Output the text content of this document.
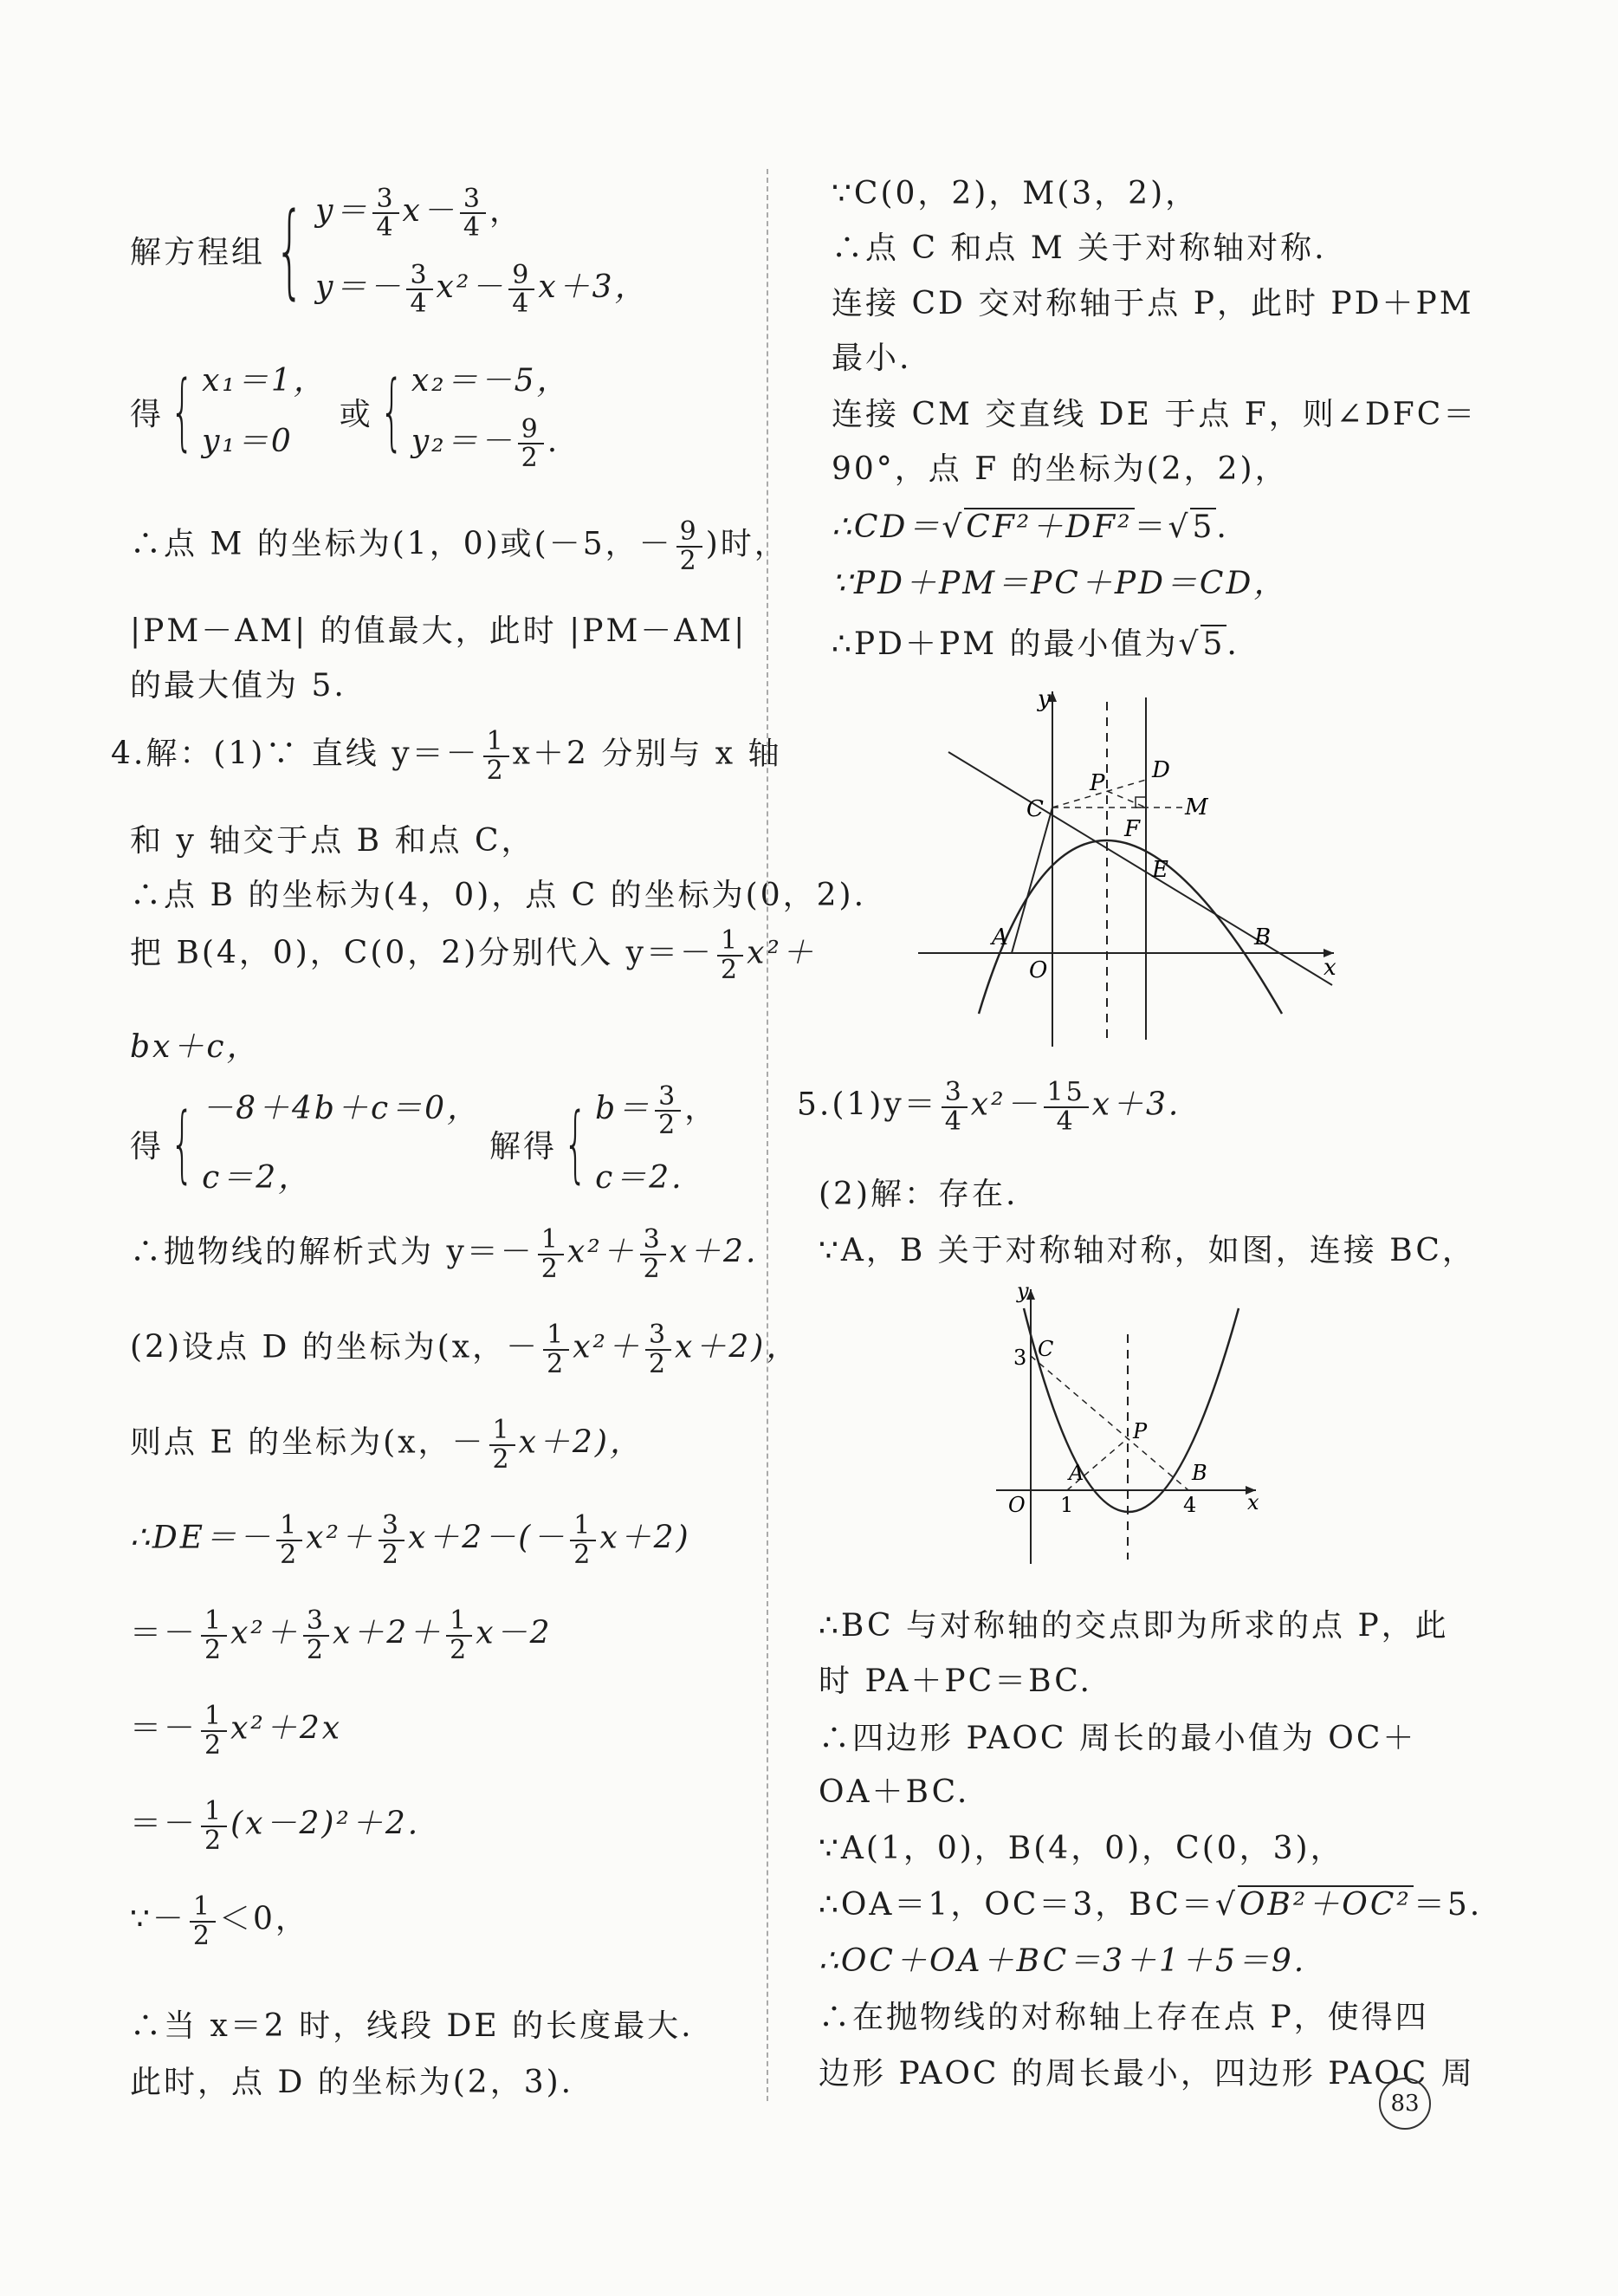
解方程组{ $y= \frac{3}{4} x- \frac{3}{4}$ ，
$y=- \frac{3}{4} x^2- \frac{9}{4} x+3$，
得{ x₁＝1，
y₁＝0
或{ x₂＝－5，
$y_2=- \frac{9}{2}$ .
∴点 M 的坐标为(1，0)或(－5，－ $\frac{9}{2}$ )时，
|PM－AM| 的值最大，此时 |PM－AM|
的最大值为 5.
4.解：(1)∵ 直线 $y=- \frac{1}{2} x+2$ 分别与 x 轴
和 y 轴交于点 B 和点 C，
∴点 B 的坐标为(4，0)，点 C 的坐标为(0，2).
把 B(4，0)，C(0，2)分别代入 $y=- \frac{1}{2} x^2+$
bx＋c，
得{ －8＋4b＋c＝0，
c＝2，
解得{ $b= \frac{3}{2}$ ，
c＝2.
∴抛物线的解析式为 $y=- \frac{1}{2} x^2+ \frac{3}{2} x+2$.
(2)设点 D 的坐标为(x，－ $\frac{1}{2} x^2+ \frac{3}{2} x+2$)，
则点 E 的坐标为(x，－ $\frac{1}{2} x+2$)，
∴DE＝－ $\frac{1}{2} x^2+ \frac{3}{2} x+2-(- \frac{1}{2} x+2)$
＝－ $\frac{1}{2} x^2+ \frac{3}{2} x+2+ \frac{1}{2} x-2$
＝－ $\frac{1}{2} x^2+2x$
＝－ $\frac{1}{2} (x-2)^2+2$.
∵－ $\frac{1}{2} <0$，
∴当 x＝2 时，线段 DE 的长度最大.
此时，点 D 的坐标为(2，3).
∵C(0，2)，M(3，2)，
∴点 C 和点 M 关于对称轴对称.
连接 CD 交对称轴于点 P，此时 PD＋PM
最小.
连接 CM 交直线 DE 于点 F，则∠DFC＝
90°，点 F 的坐标为(2，2)，
∴CD＝√CF²＋DF²＝√5.
∵PD＋PM＝PC＋PD＝CD，
∴PD＋PM 的最小值为√5.
y
x
O
A	B
C
D
E
F
M
P
$5.(1)y= \frac{3}{4} x^2- \frac{15}{4} x+3$.
(2)解：存在.
∵A，B 关于对称轴对称，如图，连接 BC，
y
x
O 1	4
3 C
A	B
P
∴BC 与对称轴的交点即为所求的点 P，此
时 PA＋PC＝BC.
∴四边形 PAOC 周长的最小值为 OC＋
OA＋BC.
∵A(1，0)，B(4，0)，C(0，3)，
∴OA＝1，OC＝3，BC＝√OB²＋OC²＝5.
∴OC＋OA＋BC＝3＋1＋5＝9.
∴在抛物线的对称轴上存在点 P，使得四
边形 PAOC 的周长最小，四边形 PAOC 周
83
